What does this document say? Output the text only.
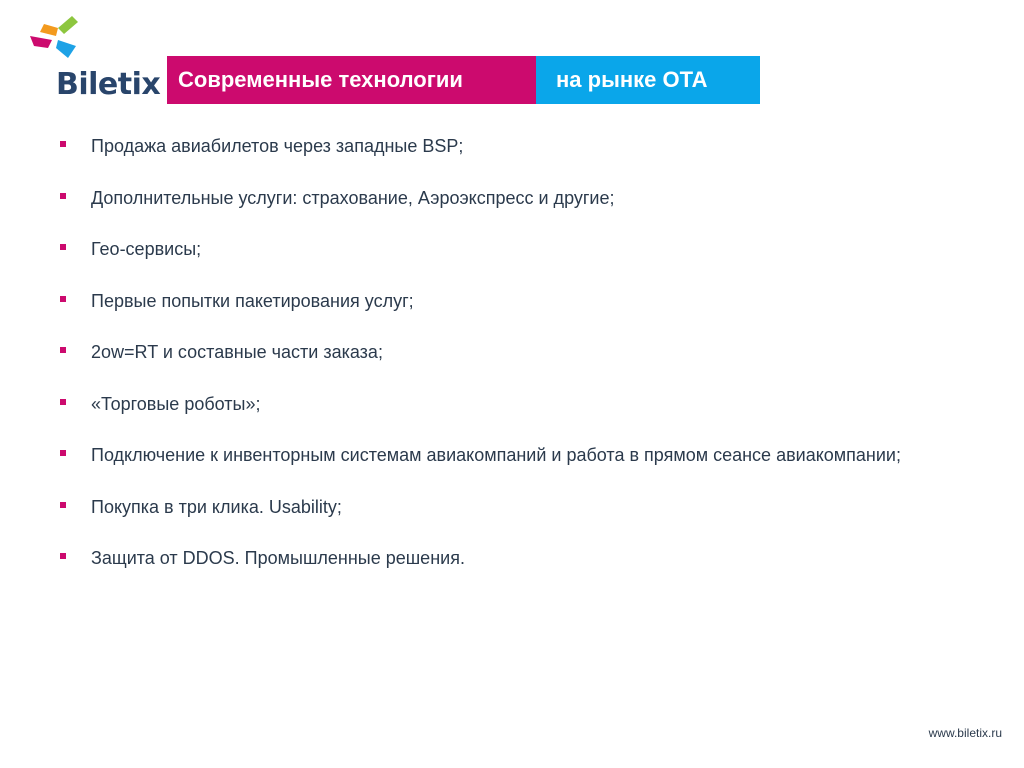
Biletix Современные технологии	на рынке ОТА
Продажа авиабилетов через западные BSP;
Дополнительные услуги: страхование, Аэроэкспресс и другие;
Гео-сервисы;
Первые попытки пакетирования услуг;
2ow=RT и составные части заказа;
«Торговые роботы»;
Подключение к инвенторным системам авиакомпаний и работа в прямом сеансе авиакомпании;
Покупка в три клика. Usability;
Защита от DDOS. Промышленные решения.
www.biletix.ru
